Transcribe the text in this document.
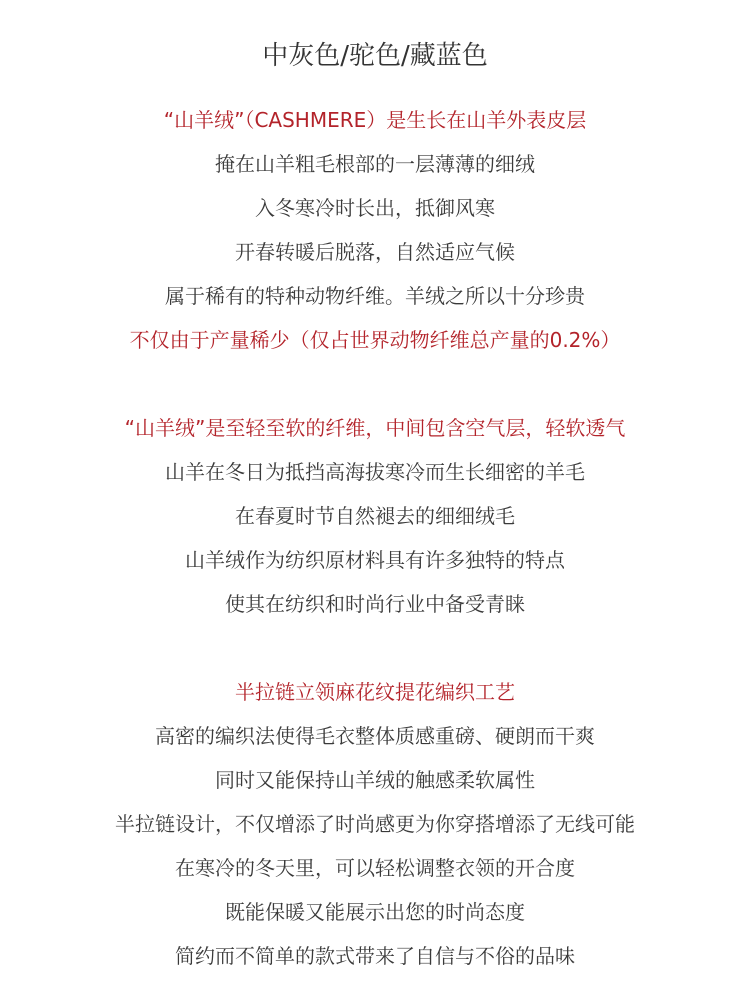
中灰色/驼色/藏蓝色

“山羊绒”（CASHMERE）是生长在山羊外表皮层

掩在山羊粗毛根部的一层薄薄的细绒

入冬寒冷时长出，抵御风寒

开春转暖后脱落，自然适应气候

属于稀有的特种动物纤维。羊绒之所以十分珍贵

不仅由于产量稀少（仅占世界动物纤维总产量的0.2%）

“山羊绒”是至轻至软的纤维，中间包含空气层，轻软透气

山羊在冬日为抵挡高海拔寒冷而生长细密的羊毛

在春夏时节自然褪去的细细绒毛

山羊绒作为纺织原材料具有许多独特的特点

使其在纺织和时尚行业中备受青睐

半拉链立领麻花纹提花编织工艺

高密的编织法使得毛衣整体质感重磅、硬朗而干爽

同时又能保持山羊绒的触感柔软属性

半拉链设计，不仅增添了时尚感更为你穿搭增添了无线可能

在寒冷的冬天里，可以轻松调整衣领的开合度

既能保暖又能展示出您的时尚态度

简约而不简单的款式带来了自信与不俗的品味
